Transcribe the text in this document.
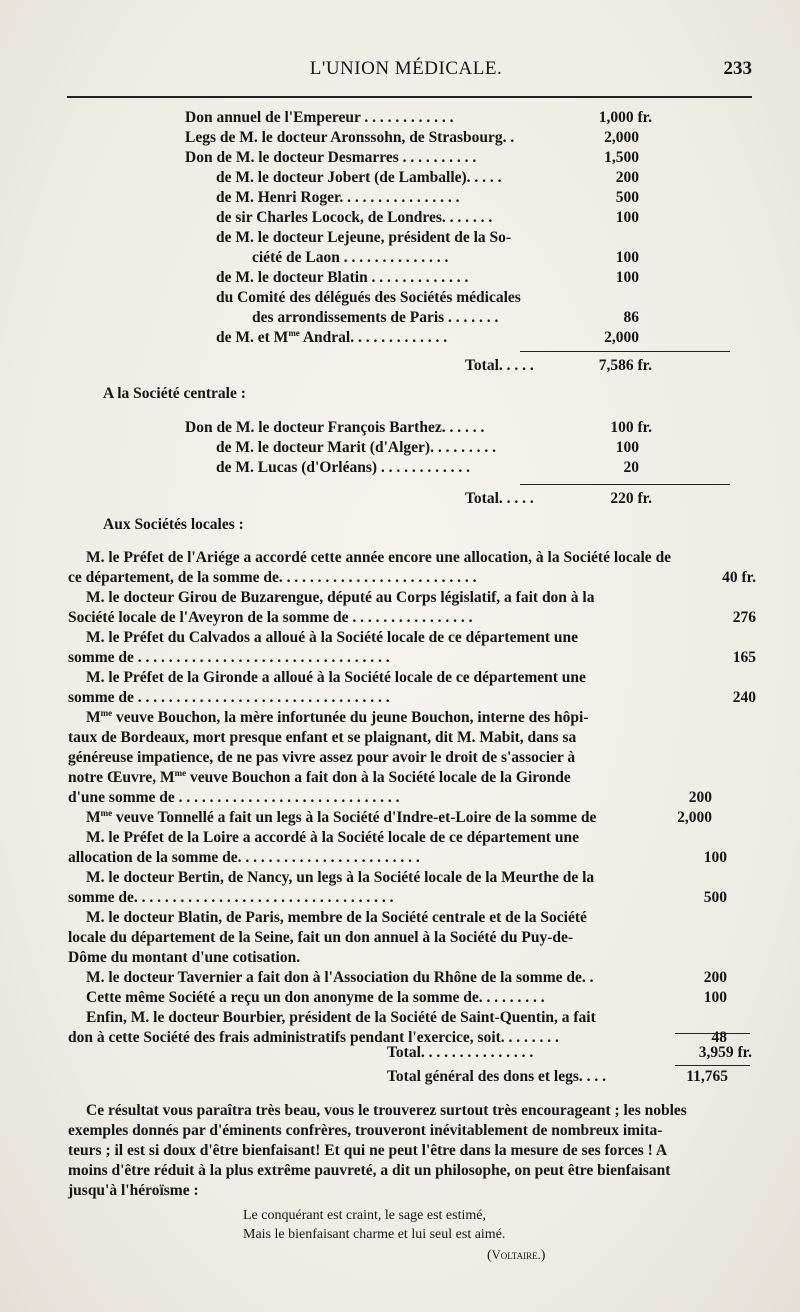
L'UNION MÉDICALE.	233
Don annuel de l'Empereur . . . . . . . . . . . .	1,000 fr.
Legs de M. le docteur Aronssohn, de Strasbourg. .	2,000
Don de M. le docteur Desmarres . . . . . . . . . .	1,500
de M. le docteur Jobert (de Lamballe). . . . .	200
de M. Henri Roger. . . . . . . . . . . . . . . .	500
de sir Charles Locock, de Londres. . . . . . .	100
de M. le docteur Lejeune, président de la So-
ciété de Laon . . . . . . . . . . . . . .	100
de M. le docteur Blatin . . . . . . . . . . . . .	100
du Comité des délégués des Sociétés médicales
des arrondissements de Paris . . . . . . .	86
de M. et $M^{me}$ Andral. . . . . . . . . . . . .	2,000
Total. . . . .	7,586 fr.
A la Société centrale :
Don de M. le docteur François Barthez. . . . . .	100 fr.
de M. le docteur Marit (d'Alger). . . . . . . . .	100
de M. Lucas (d'Orléans) . . . . . . . . . . . .	20
Total. . . . .	220 fr.
Aux Sociétés locales :
M. le Préfet de l'Ariége a accordé cette année encore une allocation, à la Société locale de
ce département, de la somme de. . . . . . . . . . . . . . . . . . . . . . . . . .	40 fr.
M. le docteur Girou de Buzarengue, député au Corps législatif, a fait don à la
Société locale de l'Aveyron de la somme de . . . . . . . . . . . . . . . .	276
M. le Préfet du Calvados a alloué à la Société locale de ce département une
somme de . . . . . . . . . . . . . . . . . . . . . . . . . . . . . . . . .	165
M. le Préfet de la Gironde a alloué à la Société locale de ce département une
somme de . . . . . . . . . . . . . . . . . . . . . . . . . . . . . . . . .	240
$M^{me}$ veuve Bouchon, la mère infortunée du jeune Bouchon, interne des hôpi-
taux de Bordeaux, mort presque enfant et se plaignant, dit M. Mabit, dans sa
généreuse impatience, de ne pas vivre assez pour avoir le droit de s'associer à
notre Œuvre, $M^{me}$ veuve Bouchon a fait don à la Société locale de la Gironde
d'une somme de . . . . . . . . . . . . . . . . . . . . . . . . . . . . .	200
$M^{me}$ veuve Tonnellé a fait un legs à la Société d'Indre-et-Loire de la somme de	2,000
M. le Préfet de la Loire a accordé à la Société locale de ce département une
allocation de la somme de. . . . . . . . . . . . . . . . . . . . . . . .	100
M. le docteur Bertin, de Nancy, un legs à la Société locale de la Meurthe de la
somme de. . . . . . . . . . . . . . . . . . . . . . . . . . . . . . . . . .	500
M. le docteur Blatin, de Paris, membre de la Société centrale et de la Société
locale du département de la Seine, fait un don annuel à la Société du Puy-de-
Dôme du montant d'une cotisation.
M. le docteur Tavernier a fait don à l'Association du Rhône de la somme de. .	200
Cette même Société a reçu un don anonyme de la somme de. . . . . . . . .	100
Enfin, M. le docteur Bourbier, président de la Société de Saint-Quentin, a fait
don à cette Société des frais administratifs pendant l'exercice, soit. . . . . . . .	48
Total. . . . . . . . . . . . . . .	3,959 fr.
Total général des dons et legs. . . .	11,765
Ce résultat vous paraîtra très beau, vous le trouverez surtout très encourageant ; les nobles
exemples donnés par d'éminents confrères, trouveront inévitablement de nombreux imita-
teurs ; il est si doux d'être bienfaisant! Et qui ne peut l'être dans la mesure de ses forces ! A
moins d'être réduit à la plus extrême pauvreté, a dit un philosophe, on peut être bienfaisant
jusqu'à l'héroïsme :
Le conquérant est craint, le sage est estimé,
Mais le bienfaisant charme et lui seul est aimé.
(Voltaire.)
